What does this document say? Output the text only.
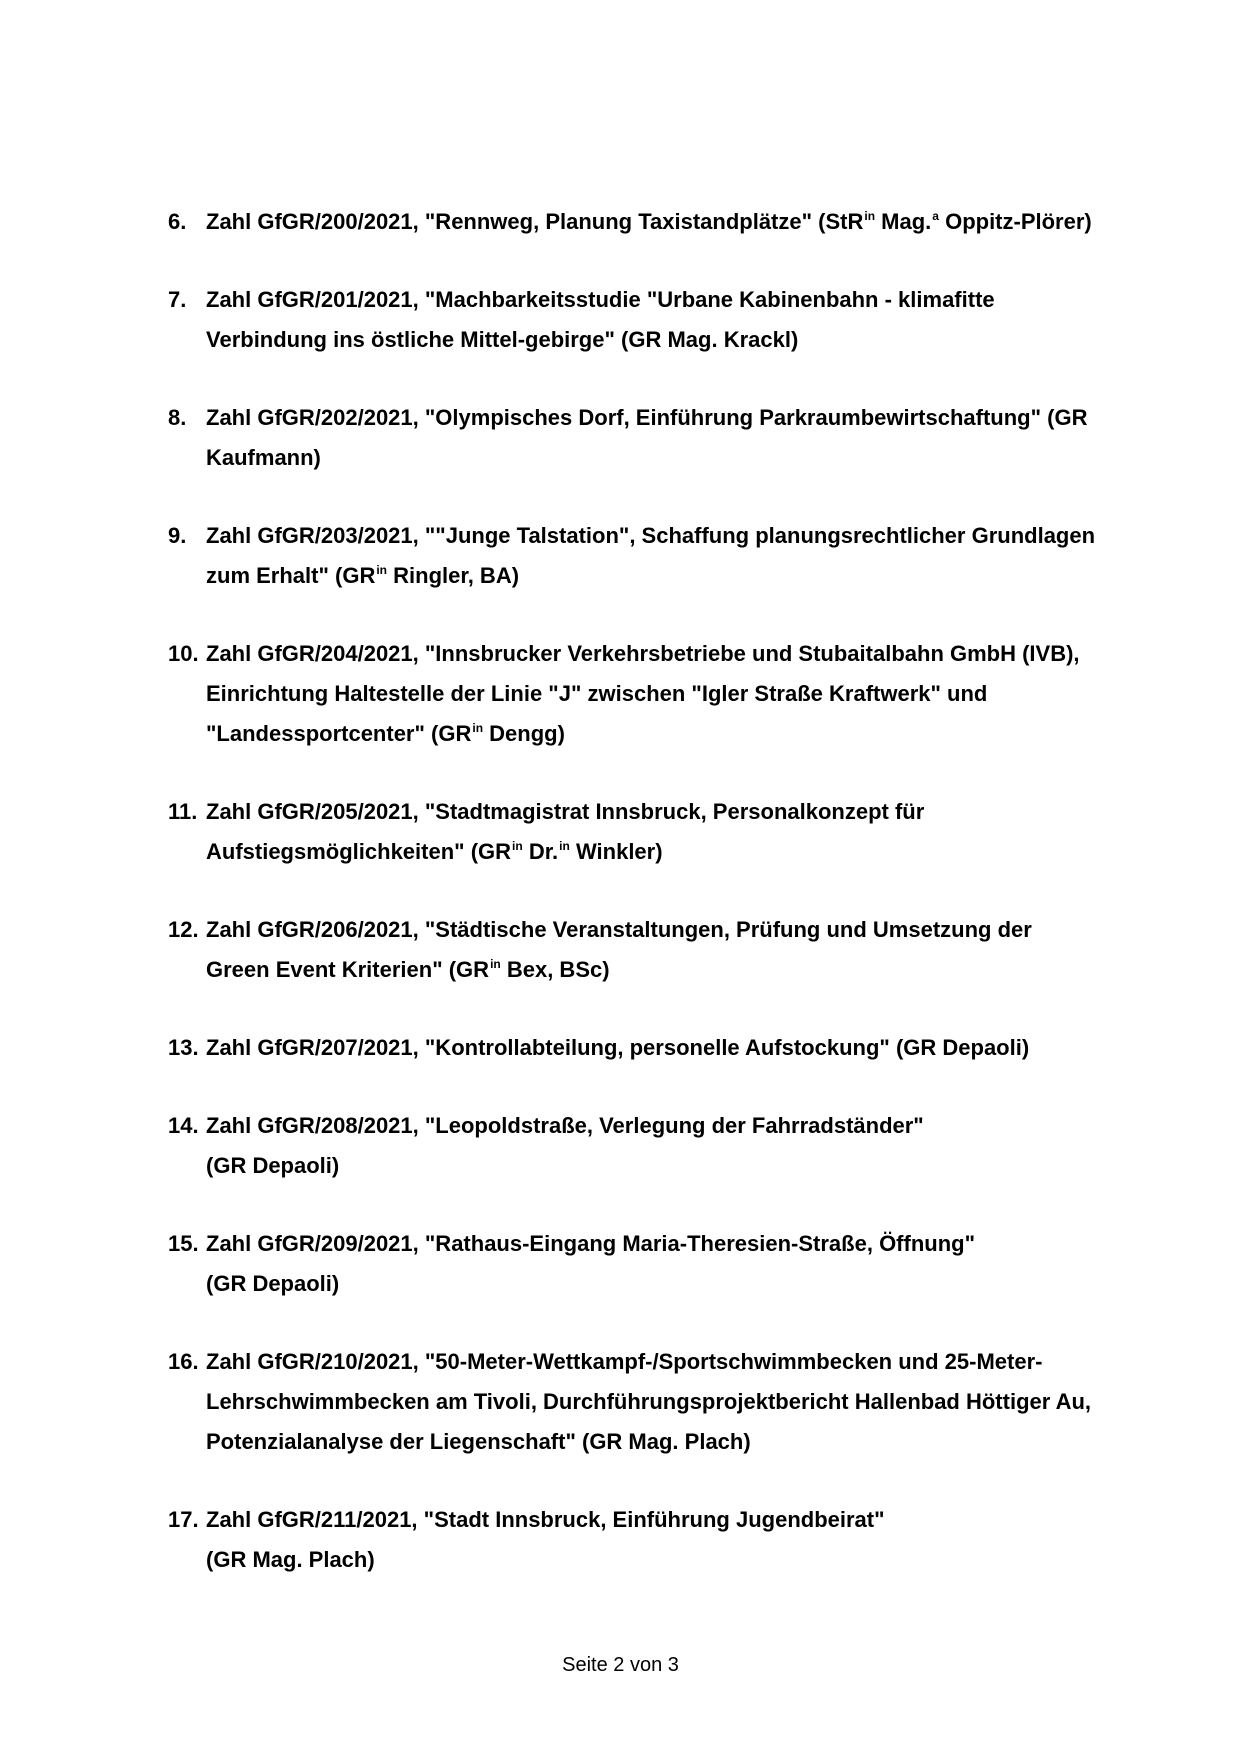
6. Zahl GfGR/200/2021, "Rennweg, Planung Taxistandplätze" (StR$^{in}$ Mag.$^a$ Oppitz-Plörer)
7. Zahl GfGR/201/2021, "Machbarkeitsstudie "Urbane Kabinenbahn - klimafitte Verbindung ins östliche Mittel-gebirge" (GR Mag. Krackl)
8. Zahl GfGR/202/2021, "Olympisches Dorf, Einführung Parkraumbewirtschaftung" (GR Kaufmann)
9. Zahl GfGR/203/2021, ""Junge Talstation", Schaffung planungsrechtlicher Grundlagen zum Erhalt" ($GR^{in}$ Ringler, BA)
10. Zahl GfGR/204/2021, "Innsbrucker Verkehrsbetriebe und Stubaitalbahn GmbH (IVB), Einrichtung Haltestelle der Linie "J" zwischen "Igler Straße Kraftwerk" und "Landessportcenter" ($GR^{in}$ Dengg)
11. Zahl GfGR/205/2021, "Stadtmagistrat Innsbruck, Personalkonzept für Aufstiegsmöglichkeiten" ($GR^{in}$ Dr.$^{in}$ Winkler)
12. Zahl GfGR/206/2021, "Städtische Veranstaltungen, Prüfung und Umsetzung der Green Event Kriterien" ($GR^{in}$ Bex, BSc)
13. Zahl GfGR/207/2021, "Kontrollabteilung, personelle Aufstockung" (GR Depaoli)
14. Zahl GfGR/208/2021, "Leopoldstraße, Verlegung der Fahrradständer"
(GR Depaoli)
15. Zahl GfGR/209/2021, "Rathaus-Eingang Maria-Theresien-Straße, Öffnung"
(GR Depaoli)
16. Zahl GfGR/210/2021, "50-Meter-Wettkampf-/Sportschwimmbecken und 25-Meter-Lehrschwimmbecken am Tivoli, Durchführungsprojektbericht Hallenbad Höttiger Au, Potenzialanalyse der Liegenschaft" (GR Mag. Plach)
17. Zahl GfGR/211/2021, "Stadt Innsbruck, Einführung Jugendbeirat"
(GR Mag. Plach)
Seite 2 von 3
